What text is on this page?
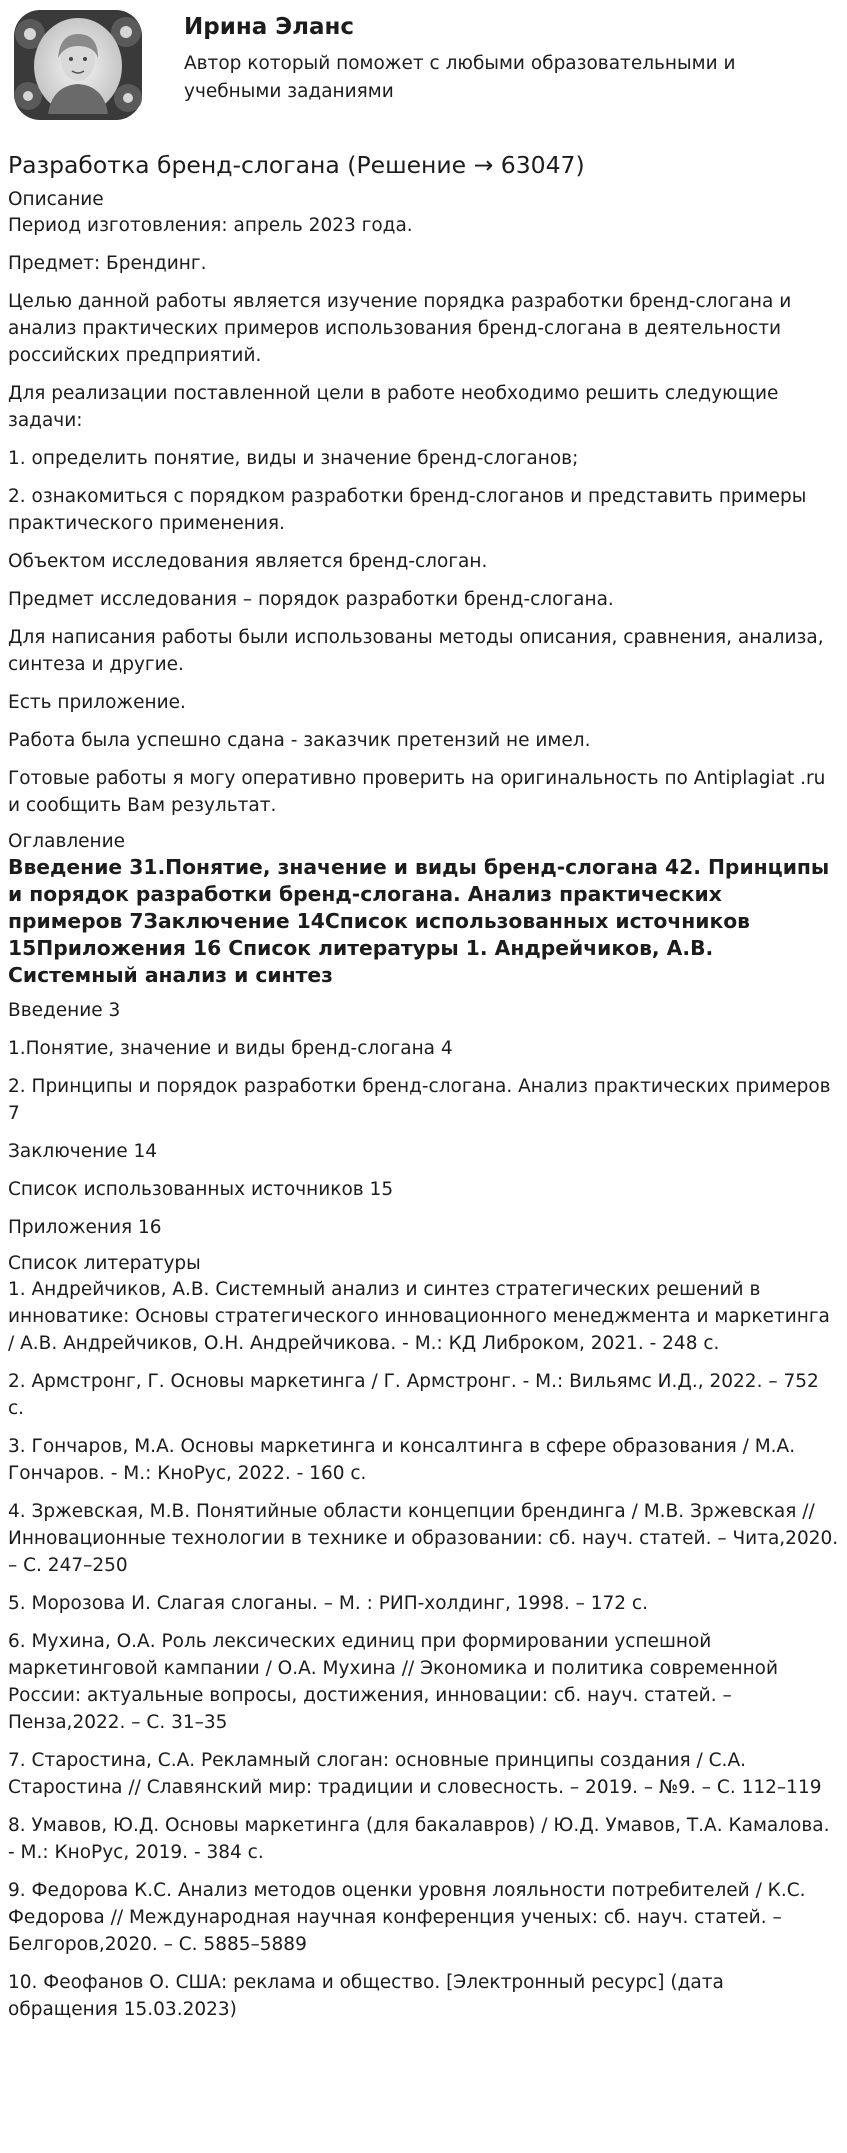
Ирина Эланс
Автор который поможет с любыми образовательными и учебными заданиями
Разработка бренд-слогана (Решение → 63047)
Описание

Период изготовления: апрель 2023 года.

Предмет: Брендинг.

Целью данной работы является изучение порядка разработки бренд-слогана и анализ практических примеров использования бренд-слогана в деятельности российских предприятий.

Для реализации поставленной цели в работе необходимо решить следующие задачи:

1. определить понятие, виды и значение бренд-слоганов;

2. ознакомиться с порядком разработки бренд-слоганов и представить примеры практического применения.

Объектом исследования является бренд-слоган.

Предмет исследования – порядок разработки бренд-слогана.

Для написания работы были использованы методы описания, сравнения, анализа, синтеза и другие.

Есть приложение.

Работа была успешно сдана - заказчик претензий не имел.

Готовые работы я могу оперативно проверить на оригинальность по Antiplagiat .ru и сообщить Вам результат.

Оглавление
Введение 31.Понятие, значение и виды бренд-слогана 42. Принципы и порядок разработки бренд-слогана. Анализ практических примеров 7Заключение 14Список использованных источников 15Приложения 16 Список литературы 1. Андрейчиков, А.В. Системный анализ и синтез

Введение 3

1.Понятие, значение и виды бренд-слогана 4

2. Принципы и порядок разработки бренд-слогана. Анализ практических примеров 7

Заключение 14

Список использованных источников 15

Приложения 16

Список литературы

1. Андрейчиков, А.В. Системный анализ и синтез стратегических решений в инноватике: Основы стратегического инновационного менеджмента и маркетинга / А.В. Андрейчиков, О.Н. Андрейчикова. - М.: КД Либроком, 2021. - 248 с.

2. Армстронг, Г. Основы маркетинга / Г. Армстронг. - М.: Вильямс И.Д., 2022. – 752 с.

3. Гончаров, М.А. Основы маркетинга и консалтинга в сфере образования / М.А. Гончаров. - М.: КноРус, 2022. - 160 с.

4. Зржевская, М.В. Понятийные области концепции брендинга / М.В. Зржевская // Инновационные технологии в технике и образовании: сб. науч. статей. – Чита,2020. – С. 247–250

5. Морозова И. Слагая слоганы. – М. : РИП-холдинг, 1998. – 172 с.

6. Мухина, О.А. Роль лексических единиц при формировании успешной маркетинговой кампании / О.А. Мухина // Экономика и политика современной России: актуальные вопросы, достижения, инновации: сб. науч. статей. – Пенза,2022. – С. 31–35

7. Старостина, С.А. Рекламный слоган: основные принципы создания / С.А. Старостина // Славянский мир: традиции и словесность. – 2019. – №9. – С. 112–119

8. Умавов, Ю.Д. Основы маркетинга (для бакалавров) / Ю.Д. Умавов, Т.А. Камалова. - М.: КноРус, 2019. - 384 с.

9. Федорова К.С. Анализ методов оценки уровня лояльности потребителей / К.С. Федорова // Международная научная конференция ученых: сб. науч. статей. – Белгоров,2020. – С. 5885–5889

10. Феофанов О. США: реклама и общество. [Электронный ресурс] (дата обращения 15.03.2023)
